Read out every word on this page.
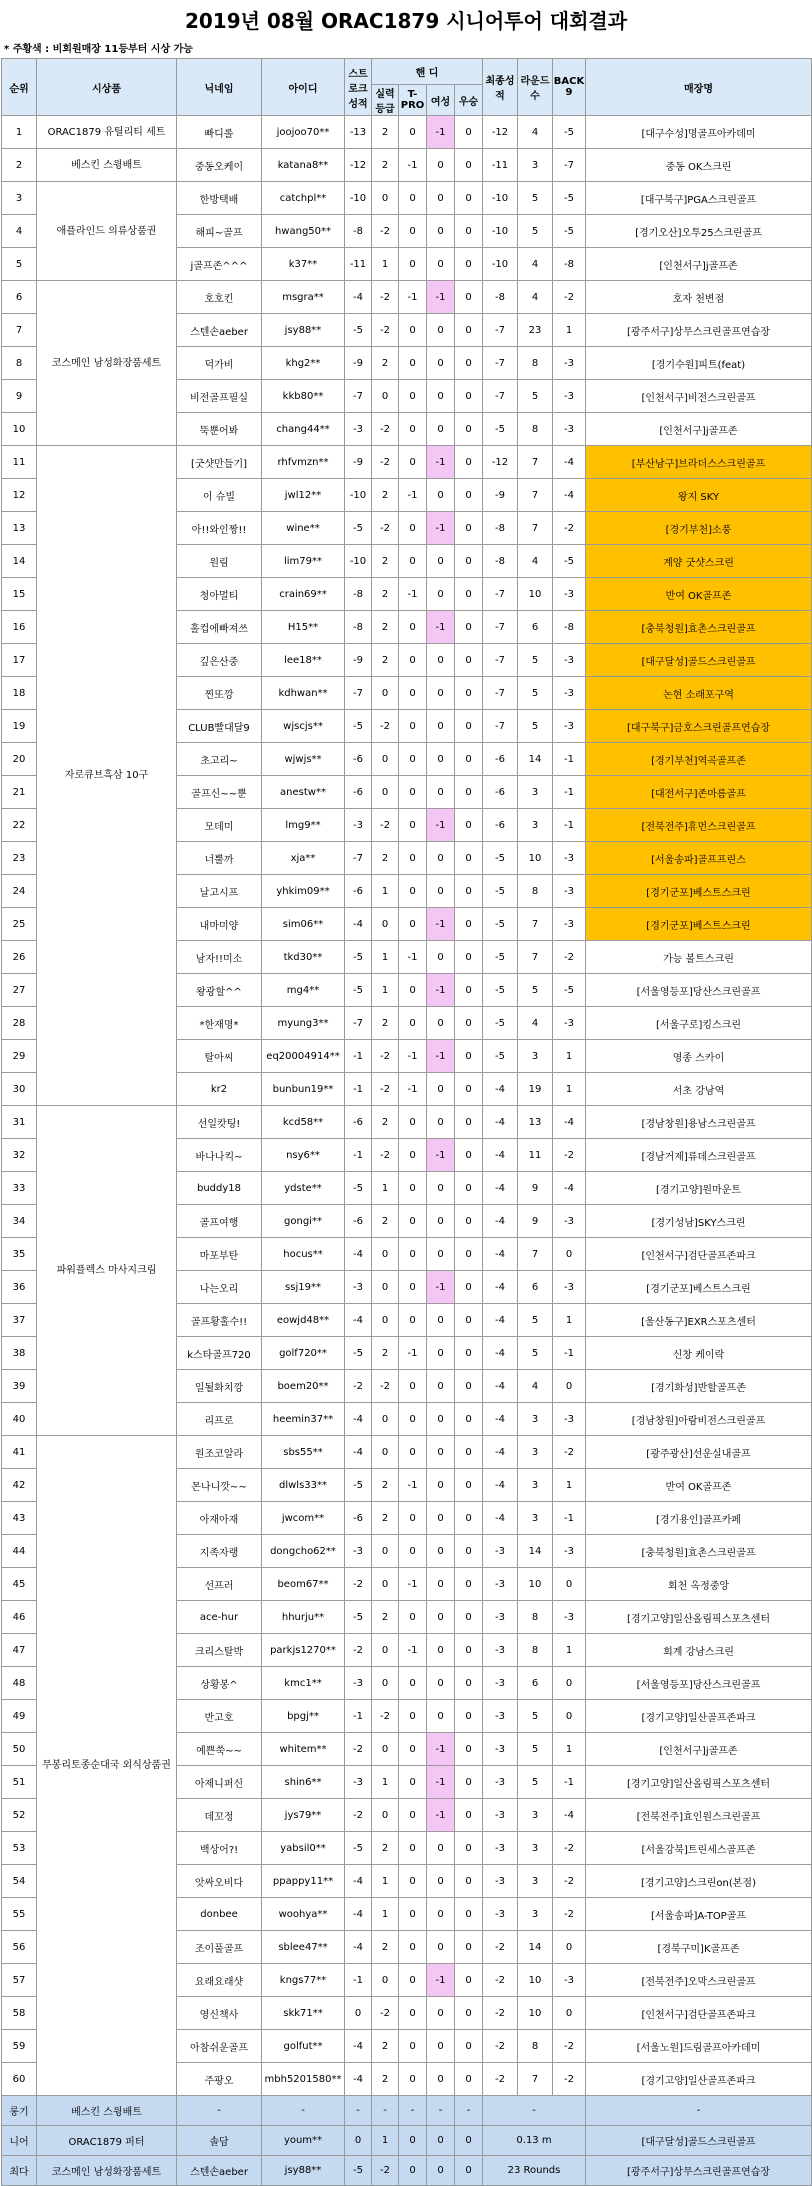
2019년 08월 ORAC1879 시니어투어 대회결과
* 주황색 : 비회원매장 11등부터 시상 가능
순위	시상품	닉네임	아이디	스트로크성적	핸 디				최종성적	라운드수	BACK 9	매장명
					실력등급	T-PRO	여성	우승				
1	ORAC1879 유틸리티 세트	빠디롤	joojoo70**	-13	2	0	-1	0	-12	4	-5	[대구수성]명골프아카데미
2	베스킨 스윙배트	중동오케이	katana8**	-12	2	-1	0	0	-11	3	-7	중동 OK스크린
3	애플라인드 의류상품권	한방택배	catchpl**	-10	0	0	0	0	-10	5	-5	[대구북구]PGA스크린골프
4		해피~골프	hwang50**	-8	-2	0	0	0	-10	5	-5	[경기오산]오투25스크린골프
5		j골프존^^^	k37**	-11	1	0	0	0	-10	4	-8	[인천서구]j골프존
6	코스메인 남성화장품세트	호호킨	msgra**	-4	-2	-1	-1	0	-8	4	-2	호자 천변점
7		스텐손aeber	jsy88**	-5	-2	0	0	0	-7	23	1	[광주서구]상무스크린골프연습장
8		덕가비	khg2**	-9	2	0	0	0	-7	8	-3	[경기수원]피트(feat)
9		비전골프필실	kkb80**	-7	0	0	0	0	-7	5	-3	[인천서구]비전스크린골프
10		뚝뿐어봐	chang44**	-3	-2	0	0	0	-5	8	-3	[인천서구]j골프존
11	자로큐브흑삼 10구	[굿샷만들기]	rhfvmzn**	-9	-2	0	-1	0	-12	7	-4	[부산남구]브라더스스크린골프
12		이 슈빌	jwl12**	-10	2	-1	0	0	-9	7	-4	왕지 SKY
13		아!!와인짱!!	wine**	-5	-2	0	-1	0	-8	7	-2	[경기부천]소풍
14		원림	lim79**	-10	2	0	0	0	-8	4	-5	계양 굿샷스크린
15		청아멀티	crain69**	-8	2	-1	0	0	-7	10	-3	반여 OK골프존
16		홀컵에빠져쓰	H15**	-8	2	0	-1	0	-7	6	-8	[충북청원]효촌스크린골프
17		깊은산중	lee18**	-9	2	0	0	0	-7	5	-3	[대구달성]골드스크린골프
18		찐또깡	kdhwan**	-7	0	0	0	0	-7	5	-3	논현 소래포구역
19		CLUB빨대달9	wjscjs**	-5	-2	0	0	0	-7	5	-3	[대구북구]금호스크린골프연습장
20		초고리~	wjwjs**	-6	0	0	0	0	-6	14	-1	[경기부천]역곡골프존
21		골프신~~뿐	anestw**	-6	0	0	0	0	-6	3	-1	[대전서구]존마름골프
22		모데미	lmg9**	-3	-2	0	-1	0	-6	3	-1	[전북전주]휴먼스크린골프
23		너뿔까	xja**	-7	2	0	0	0	-5	10	-3	[서울송파]골프프린스
24		날고시프	yhkim09**	-6	1	0	0	0	-5	8	-3	[경기군포]베스트스크린
25		내마미양	sim06**	-4	0	0	-1	0	-5	7	-3	[경기군포]베스트스크린
26		남자!!미소	tkd30**	-5	1	-1	0	0	-5	7	-2	가능 볼트스크린
27		왕광할^^	mg4**	-5	1	0	-1	0	-5	5	-5	[서울영등포]당산스크린골프
28		*한재명*	myung3**	-7	2	0	0	0	-5	4	-3	[서울구로]킹스크린
29		탈아씨	eq20004914**	-1	-2	-1	-1	0	-5	3	1	영종 스카이
30		kr2	bunbun19**	-1	-2	-1	0	0	-4	19	1	서초 강남역
31	파워플렉스 마사지크림	선일캇팅!	kcd58**	-6	2	0	0	0	-4	13	-4	[경남창원]용남스크린골프
32		바나나킥~	nsy6**	-1	-2	0	-1	0	-4	11	-2	[경남거제]류데스크린골프
33		buddy18	ydste**	-5	1	0	0	0	-4	9	-4	[경기고양]원마운트
34		골프여행	gongi**	-6	2	0	0	0	-4	9	-3	[경기성남]SKY스크린
35		마포부탄	hocus**	-4	0	0	0	0	-4	7	0	[인천서구]검단골프존파크
36		나는오리	ssj19**	-3	0	0	-1	0	-4	6	-3	[경기군포]베스트스크린
37		골프황홀수!!	eowjd48**	-4	0	0	0	0	-4	5	1	[울산동구]EXR스포츠센터
38		k스타골프720	golf720**	-5	2	-1	0	0	-4	5	-1	신창 케이락
39		일될화치깡	boem20**	-2	-2	0	0	0	-4	4	0	[경기화성]반할골프존
40		리프로	heemin37**	-4	0	0	0	0	-4	3	-3	[경남창원]아람비전스크린골프
41	무봉리토종순대국 외식상품권	원조코알라	sbs55**	-4	0	0	0	0	-4	3	-2	[광주광산]선운실내골프
42		몬나니깟~~	dlwls33**	-5	2	-1	0	0	-4	3	1	반여 OK골프존
43		아재아재	jwcom**	-6	2	0	0	0	-4	3	-1	[경기용인]골프카페
44		지족자랭	dongcho62**	-3	0	0	0	0	-3	14	-3	[충북청원]효촌스크린골프
45		선프러	beom67**	-2	0	-1	0	0	-3	10	0	회천 옥정중앙
46		ace-hur	hhurju**	-5	2	0	0	0	-3	8	-3	[경기고양]일산올림픽스포츠센터
47		크리스탈박	parkjs1270**	-2	0	-1	0	0	-3	8	1	회계 강남스크린
48		상황봉^	kmc1**	-3	0	0	0	0	-3	6	0	[서울영등포]당산스크린골프
49		반고호	bpgj**	-1	-2	0	0	0	-3	5	0	[경기고양]일산골프존파크
50		예쁜쑥~~	whitem**	-2	0	0	-1	0	-3	5	1	[인천서구]j골프존
51		아제니퍼신	shin6**	-3	1	0	-1	0	-3	5	-1	[경기고양]일산올림픽스포츠센터
52		데꼬정	jys79**	-2	0	0	-1	0	-3	3	-4	[전북전주]효인원스크린골프
53		백상어?!	yabsil0**	-5	2	0	0	0	-3	3	-2	[서울강북]트린세스골프존
54		앗싸오비다	ppappy11**	-4	1	0	0	0	-3	3	-2	[경기고양]스크린on(본점)
55		donbee	woohya**	-4	1	0	0	0	-3	3	-2	[서울송파]A-TOP골프
56		조이풀골프	sblee47**	-4	2	0	0	0	-2	14	0	[경북구미]K골프존
57		요래요래샷	kngs77**	-1	0	0	-1	0	-2	10	-3	[전북전주]오막스크린골프
58		영신책사	skk71**	0	-2	0	0	0	-2	10	0	[인천서구]검단골프존파크
59		아참쉬운골프	golfut**	-4	2	0	0	0	-2	8	-2	[서울노원]드림골프아카데미
60		주팡오	mbh5201580**	-4	2	0	0	0	-2	7	-2	[경기고양]일산골프존파크
롱기	베스킨 스윙배트	-	-	-	-	-	-	-	-			-
니어	ORAC1879 퍼터	솔담	youm**	0	1	0	0	0	0.13 m			[대구달성]골드스크린골프
최다	코스메인 남성화장품세트	스텐손aeber	jsy88**	-5	-2	0	0	0	23 Rounds			[광주서구]상무스크린골프연습장
